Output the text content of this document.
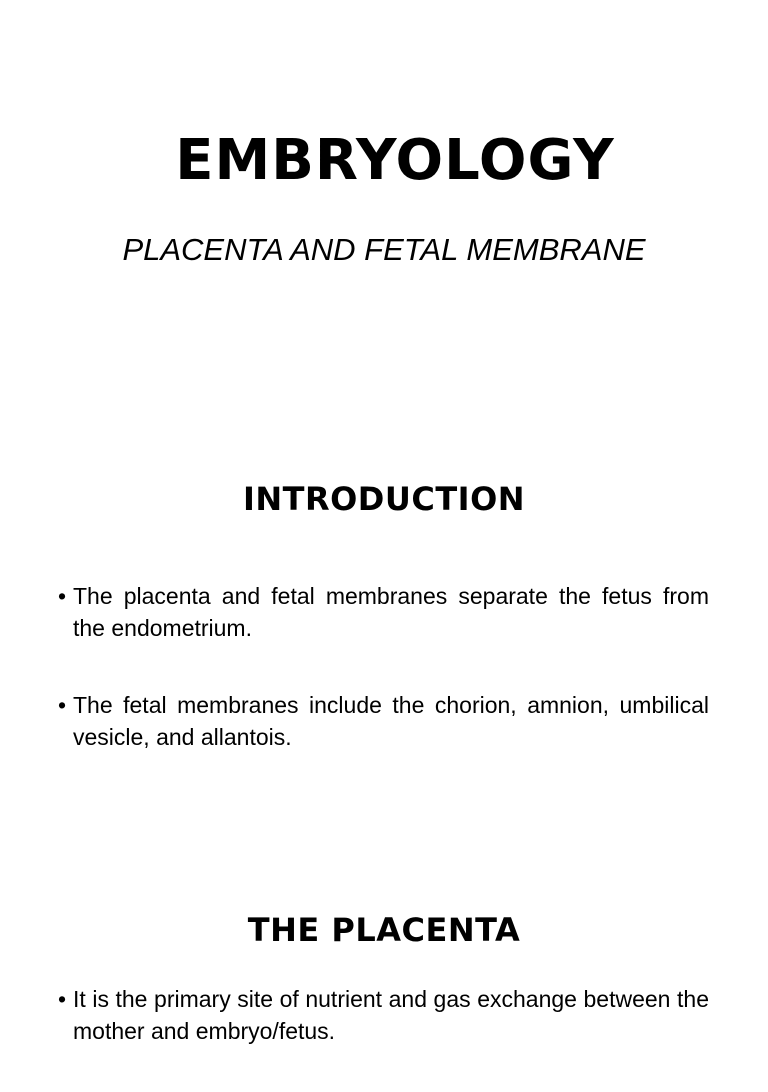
EMBRYOLOGY
PLACENTA AND FETAL MEMBRANE
INTRODUCTION
• The placenta and fetal membranes separate the fetus from the endometrium.
• The fetal membranes include the chorion, amnion, umbilical vesicle, and allantois.
THE PLACENTA
• It is the primary site of nutrient and gas exchange between the mother and embryo/fetus.
